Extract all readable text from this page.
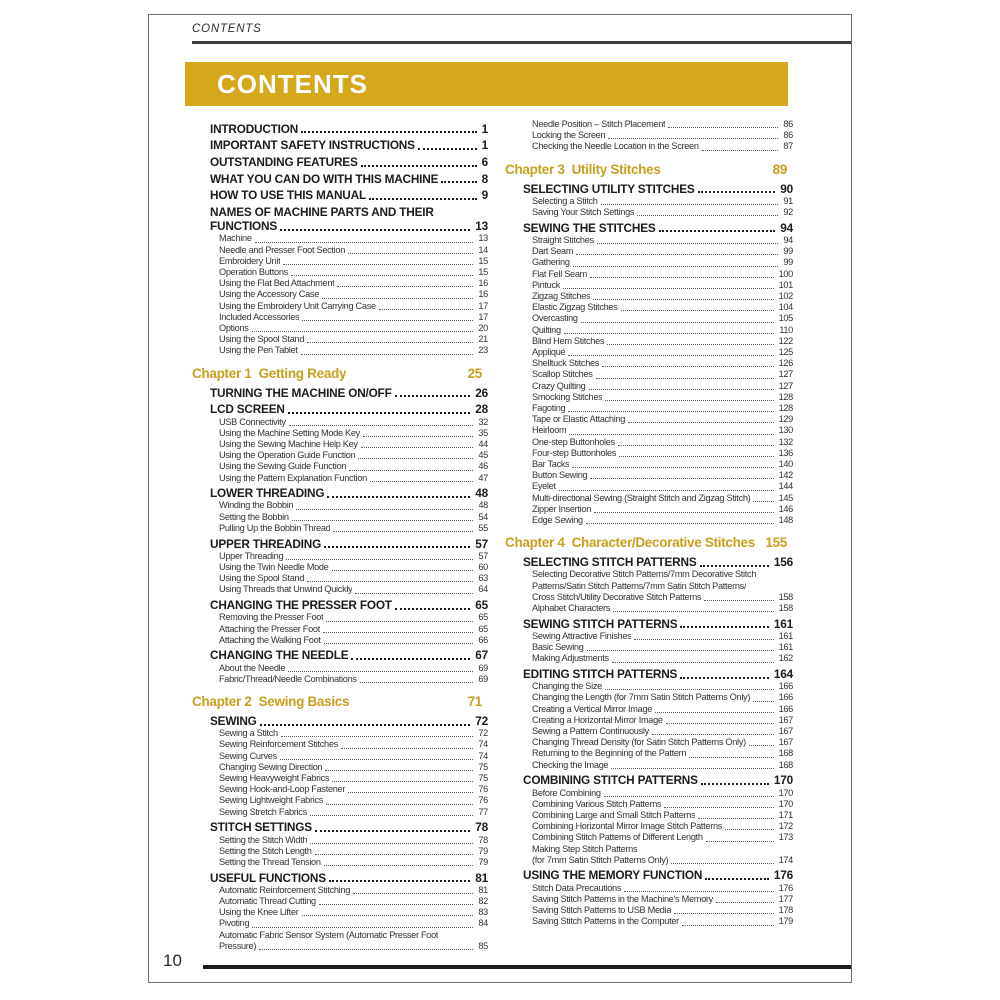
CONTENTS
CONTENTS
INTRODUCTION	1
IMPORTANT SAFETY INSTRUCTIONS	1
OUTSTANDING FEATURES	6
WHAT YOU CAN DO WITH THIS MACHINE	8
HOW TO USE THIS MANUAL	9
NAMES OF MACHINE PARTS AND THEIR
FUNCTIONS	13
Machine	13
Needle and Presser Foot Section	14
Embroidery Unit	15
Operation Buttons	15
Using the Flat Bed Attachment	16
Using the Accessory Case	16
Using the Embroidery Unit Carrying Case	17
Included Accessories	17
Options	20
Using the Spool Stand	21
Using the Pen Tablet	23
Chapter 1 Getting Ready	25
TURNING THE MACHINE ON/OFF	26
LCD SCREEN	28
USB Connectivity	32
Using the Machine Setting Mode Key	35
Using the Sewing Machine Help Key	44
Using the Operation Guide Function	45
Using the Sewing Guide Function	46
Using the Pattern Explanation Function	47
LOWER THREADING	48
Winding the Bobbin	48
Setting the Bobbin	54
Pulling Up the Bobbin Thread	55
UPPER THREADING	57
Upper Threading	57
Using the Twin Needle Mode	60
Using the Spool Stand	63
Using Threads that Unwind Quickly	64
CHANGING THE PRESSER FOOT	65
Removing the Presser Foot	65
Attaching the Presser Foot	65
Attaching the Walking Foot	66
CHANGING THE NEEDLE	67
About the Needle	69
Fabric/Thread/Needle Combinations	69
Chapter 2 Sewing Basics	71
SEWING	72
Sewing a Stitch	72
Sewing Reinforcement Stitches	74
Sewing Curves	74
Changing Sewing Direction	75
Sewing Heavyweight Fabrics	75
Sewing Hook-and-Loop Fastener	76
Sewing Lightweight Fabrics	76
Sewing Stretch Fabrics	77
STITCH SETTINGS	78
Setting the Stitch Width	78
Setting the Stitch Length	79
Setting the Thread Tension	79
USEFUL FUNCTIONS	81
Automatic Reinforcement Stitching	81
Automatic Thread Cutting	82
Using the Knee Lifter	83
Pivoting	84
Automatic Fabric Sensor System (Automatic Presser Foot
Pressure)	85
Needle Position – Stitch Placement	86
Locking the Screen	86
Checking the Needle Location in the Screen	87
Chapter 3 Utility Stitches	89
SELECTING UTILITY STITCHES	90
Selecting a Stitch	91
Saving Your Stitch Settings	92
SEWING THE STITCHES	94
Straight Stitches	94
Dart Seam	99
Gathering	99
Flat Fell Seam	100
Pintuck	101
Zigzag Stitches	102
Elastic Zigzag Stitches	104
Overcasting	105
Quilting	110
Blind Hem Stitches	122
Appliqué	125
Shelltuck Stitches	126
Scallop Stitches	127
Crazy Quilting	127
Smocking Stitches	128
Fagoting	128
Tape or Elastic Attaching	129
Heirloom	130
One-step Buttonholes	132
Four-step Buttonholes	136
Bar Tacks	140
Button Sewing	142
Eyelet	144
Multi-directional Sewing (Straight Stitch and Zigzag Stitch)	145
Zipper Insertion	146
Edge Sewing	148
Chapter 4 Character/Decorative Stitches 155
SELECTING STITCH PATTERNS	156
Selecting Decorative Stitch Patterns/7mm Decorative Stitch
Patterns/Satin Stitch Patterns/7mm Satin Stitch Patterns/
Cross Stitch/Utility Decorative Stitch Patterns	158
Alphabet Characters	158
SEWING STITCH PATTERNS	161
Sewing Attractive Finishes	161
Basic Sewing	161
Making Adjustments	162
EDITING STITCH PATTERNS	164
Changing the Size	166
Changing the Length (for 7mm Satin Stitch Patterns Only)	166
Creating a Vertical Mirror Image	166
Creating a Horizontal Mirror Image	167
Sewing a Pattern Continuously	167
Changing Thread Density (for Satin Stitch Patterns Only)	167
Returning to the Beginning of the Pattern	168
Checking the Image	168
COMBINING STITCH PATTERNS	170
Before Combining	170
Combining Various Stitch Patterns	170
Combining Large and Small Stitch Patterns	171
Combining Horizontal Mirror Image Stitch Patterns	172
Combining Stitch Patterns of Different Length	173
Making Step Stitch Patterns
(for 7mm Satin Stitch Patterns Only)	174
USING THE MEMORY FUNCTION	176
Stitch Data Precautions	176
Saving Stitch Patterns in the Machine's Memory	177
Saving Stitch Patterns to USB Media	178
Saving Stitch Patterns in the Computer	179
10
